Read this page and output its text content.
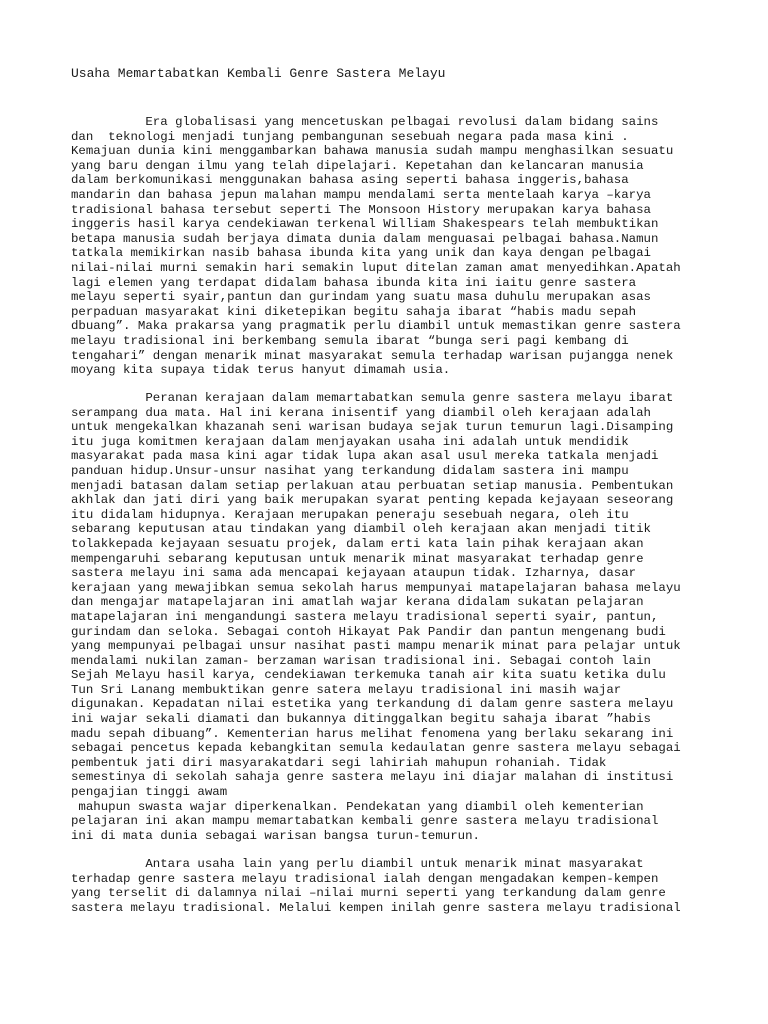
Usaha Memartabatkan Kembali Genre Sastera Melayu
Era globalisasi yang mencetuskan pelbagai revolusi dalam bidang sains
dan  teknologi menjadi tunjang pembangunan sesebuah negara pada masa kini .
Kemajuan dunia kini menggambarkan bahawa manusia sudah mampu menghasilkan sesuatu
yang baru dengan ilmu yang telah dipelajari. Kepetahan dan kelancaran manusia
dalam berkomunikasi menggunakan bahasa asing seperti bahasa inggeris,bahasa
mandarin dan bahasa jepun malahan mampu mendalami serta mentelaah karya –karya
tradisional bahasa tersebut seperti The Monsoon History merupakan karya bahasa
inggeris hasil karya cendekiawan terkenal William Shakespears telah membuktikan
betapa manusia sudah berjaya dimata dunia dalam menguasai pelbagai bahasa.Namun
tatkala memikirkan nasib bahasa ibunda kita yang unik dan kaya dengan pelbagai
nilai-nilai murni semakin hari semakin luput ditelan zaman amat menyedihkan.Apatah
lagi elemen yang terdapat didalam bahasa ibunda kita ini iaitu genre sastera
melayu seperti syair,pantun dan gurindam yang suatu masa duhulu merupakan asas
perpaduan masyarakat kini diketepikan begitu sahaja ibarat “habis madu sepah
dbuang”. Maka prakarsa yang pragmatik perlu diambil untuk memastikan genre sastera
melayu tradisional ini berkembang semula ibarat “bunga seri pagi kembang di
tengahari” dengan menarik minat masyarakat semula terhadap warisan pujangga nenek
moyang kita supaya tidak terus hanyut dimamah usia.
Peranan kerajaan dalam memartabatkan semula genre sastera melayu ibarat
serampang dua mata. Hal ini kerana inisentif yang diambil oleh kerajaan adalah
untuk mengekalkan khazanah seni warisan budaya sejak turun temurun lagi.Disamping
itu juga komitmen kerajaan dalam menjayakan usaha ini adalah untuk mendidik
masyarakat pada masa kini agar tidak lupa akan asal usul mereka tatkala menjadi
panduan hidup.Unsur-unsur nasihat yang terkandung didalam sastera ini mampu
menjadi batasan dalam setiap perlakuan atau perbuatan setiap manusia. Pembentukan
akhlak dan jati diri yang baik merupakan syarat penting kepada kejayaan seseorang
itu didalam hidupnya. Kerajaan merupakan peneraju sesebuah negara, oleh itu
sebarang keputusan atau tindakan yang diambil oleh kerajaan akan menjadi titik
tolakkepada kejayaan sesuatu projek, dalam erti kata lain pihak kerajaan akan
mempengaruhi sebarang keputusan untuk menarik minat masyarakat terhadap genre
sastera melayu ini sama ada mencapai kejayaan ataupun tidak. Izharnya, dasar
kerajaan yang mewajibkan semua sekolah harus mempunyai matapelajaran bahasa melayu
dan mengajar matapelajaran ini amatlah wajar kerana didalam sukatan pelajaran
matapelajaran ini mengandungi sastera melayu tradisional seperti syair, pantun,
gurindam dan seloka. Sebagai contoh Hikayat Pak Pandir dan pantun mengenang budi
yang mempunyai pelbagai unsur nasihat pasti mampu menarik minat para pelajar untuk
mendalami nukilan zaman- berzaman warisan tradisional ini. Sebagai contoh lain
Sejah Melayu hasil karya, cendekiawan terkemuka tanah air kita suatu ketika dulu
Tun Sri Lanang membuktikan genre satera melayu tradisional ini masih wajar
digunakan. Kepadatan nilai estetika yang terkandung di dalam genre sastera melayu
ini wajar sekali diamati dan bukannya ditinggalkan begitu sahaja ibarat ”habis
madu sepah dibuang”. Kementerian harus melihat fenomena yang berlaku sekarang ini
sebagai pencetus kepada kebangkitan semula kedaulatan genre sastera melayu sebagai
pembentuk jati diri masyarakatdari segi lahiriah mahupun rohaniah. Tidak
semestinya di sekolah sahaja genre sastera melayu ini diajar malahan di institusi
pengajian tinggi awam
mahupun swasta wajar diperkenalkan. Pendekatan yang diambil oleh kementerian
pelajaran ini akan mampu memartabatkan kembali genre sastera melayu tradisional
ini di mata dunia sebagai warisan bangsa turun-temurun.
Antara usaha lain yang perlu diambil untuk menarik minat masyarakat
terhadap genre sastera melayu tradisional ialah dengan mengadakan kempen-kempen
yang terselit di dalamnya nilai –nilai murni seperti yang terkandung dalam genre
sastera melayu tradisional. Melalui kempen inilah genre sastera melayu tradisional
